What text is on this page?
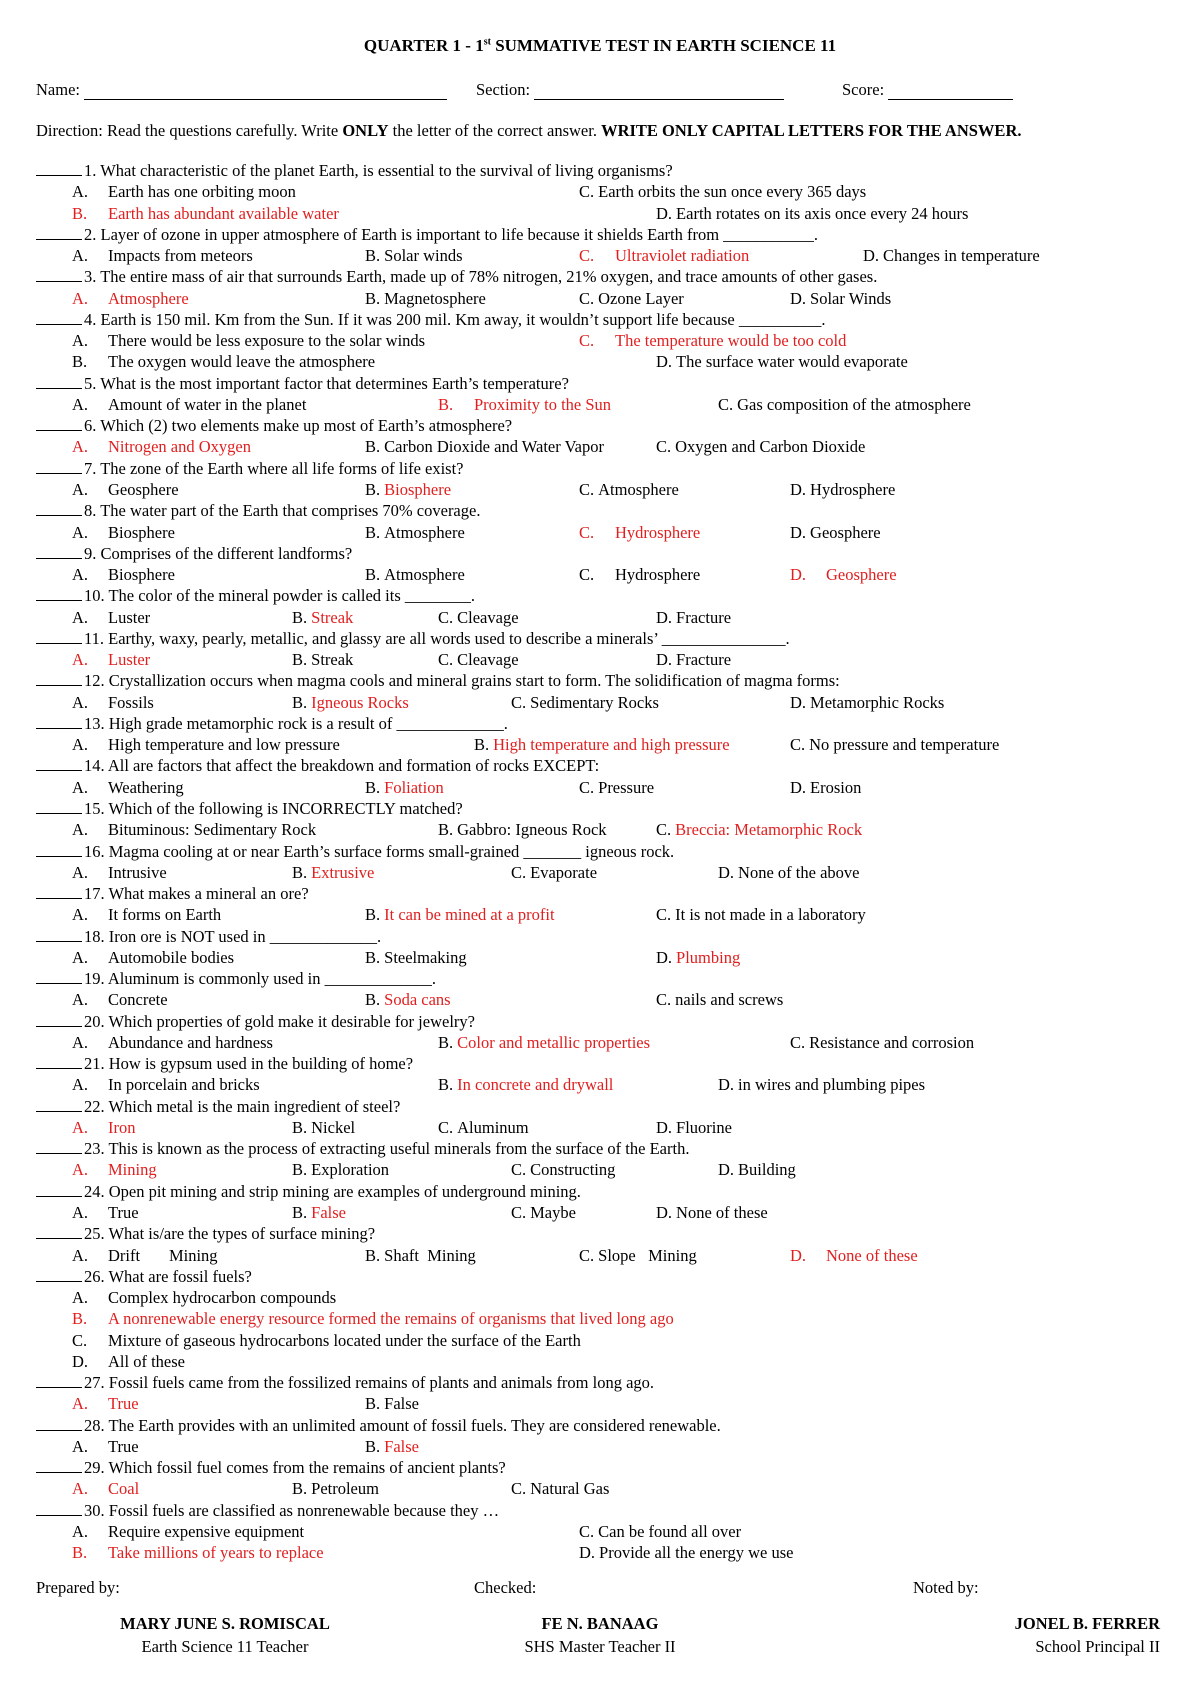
QUARTER 1 - 1st SUMMATIVE TEST IN EARTH SCIENCE 11
Name:	Section:	Score:
Direction: Read the questions carefully. Write ONLY the letter of the correct answer. WRITE ONLY CAPITAL LETTERS FOR THE ANSWER.
1. What characteristic of the planet Earth, is essential to the survival of living organisms?
A. Earth has one orbiting moon	C. Earth orbits the sun once every 365 days
B. Earth has abundant available water	D. Earth rotates on its axis once every 24 hours
2. Layer of ozone in upper atmosphere of Earth is important to life because it shields Earth from ___________.
A. Impacts from meteors	B. Solar winds	C. Ultraviolet radiation	D. Changes in temperature
3. The entire mass of air that surrounds Earth, made up of 78% nitrogen, 21% oxygen, and trace amounts of other gases.
A. Atmosphere	B. Magnetosphere	C. Ozone Layer	D. Solar Winds
4. Earth is 150 mil. Km from the Sun. If it was 200 mil. Km away, it wouldn’t support life because __________.
A. There would be less exposure to the solar winds	C. The temperature would be too cold
B. The oxygen would leave the atmosphere	D. The surface water would evaporate
5. What is the most important factor that determines Earth’s temperature?
A. Amount of water in the planet	B. Proximity to the Sun	C. Gas composition of the atmosphere
6. Which (2) two elements make up most of Earth’s atmosphere?
A. Nitrogen and Oxygen	B. Carbon Dioxide and Water Vapor	C. Oxygen and Carbon Dioxide
7. The zone of the Earth where all life forms of life exist?
A. Geosphere	B. Biosphere	C. Atmosphere	D. Hydrosphere
8. The water part of the Earth that comprises 70% coverage.
A. Biosphere	B. Atmosphere	C. Hydrosphere	D. Geosphere
9. Comprises of the different landforms?
A. Biosphere	B. Atmosphere	C. Hydrosphere	D. Geosphere
10. The color of the mineral powder is called its ________.
A. Luster	B. Streak	C. Cleavage	D. Fracture
11. Earthy, waxy, pearly, metallic, and glassy are all words used to describe a minerals’ _______________.
A. Luster	B. Streak	C. Cleavage	D. Fracture
12. Crystallization occurs when magma cools and mineral grains start to form. The solidification of magma forms:
A. Fossils	B. Igneous Rocks	C. Sedimentary Rocks	D. Metamorphic Rocks
13. High grade metamorphic rock is a result of _____________.
A. High temperature and low pressure	B. High temperature and high pressure	C. No pressure and temperature
14. All are factors that affect the breakdown and formation of rocks EXCEPT:
A. Weathering	B. Foliation	C. Pressure	D. Erosion
15. Which of the following is INCORRECTLY matched?
A. Bituminous: Sedimentary Rock	B. Gabbro: Igneous Rock	C. Breccia: Metamorphic Rock
16. Magma cooling at or near Earth’s surface forms small-grained _______ igneous rock.
A. Intrusive	B. Extrusive	C. Evaporate	D. None of the above
17. What makes a mineral an ore?
A. It forms on Earth	B. It can be mined at a profit	C. It is not made in a laboratory
18. Iron ore is NOT used in _____________.
A. Automobile bodies	B. Steelmaking	D. Plumbing
19. Aluminum is commonly used in _____________.
A. Concrete	B. Soda cans	C. nails and screws
20. Which properties of gold make it desirable for jewelry?
A. Abundance and hardness	B. Color and metallic properties	C. Resistance and corrosion
21. How is gypsum used in the building of home?
A. In porcelain and bricks	B. In concrete and drywall	D. in wires and plumbing pipes
22. Which metal is the main ingredient of steel?
A. Iron	B. Nickel	C. Aluminum	D. Fluorine
23. This is known as the process of extracting useful minerals from the surface of the Earth.
A. Mining	B. Exploration	C. Constructing	D. Building
24. Open pit mining and strip mining are examples of underground mining.
A. True	B. False	C. Maybe	D. None of these
25. What is/are the types of surface mining?
A. Drift       Mining	B. Shaft  Mining	C. Slope   Mining	D. None of these
26. What are fossil fuels?
A. Complex hydrocarbon compounds
B. A nonrenewable energy resource formed the remains of organisms that lived long ago
C. Mixture of gaseous hydrocarbons located under the surface of the Earth
D. All of these
27. Fossil fuels came from the fossilized remains of plants and animals from long ago.
A. True	B. False
28. The Earth provides with an unlimited amount of fossil fuels. They are considered renewable.
A. True	B. False
29. Which fossil fuel comes from the remains of ancient plants?
A. Coal	B. Petroleum	C. Natural Gas
30. Fossil fuels are classified as nonrenewable because they …
A. Require expensive equipment	C. Can be found all over
B. Take millions of years to replace	D. Provide all the energy we use
Prepared by:	Checked:	Noted by:
MARY JUNE S. ROMISCAL
Earth Science 11 Teacher
FE N. BANAAG
SHS Master Teacher II
JONEL B. FERRER
School Principal II
